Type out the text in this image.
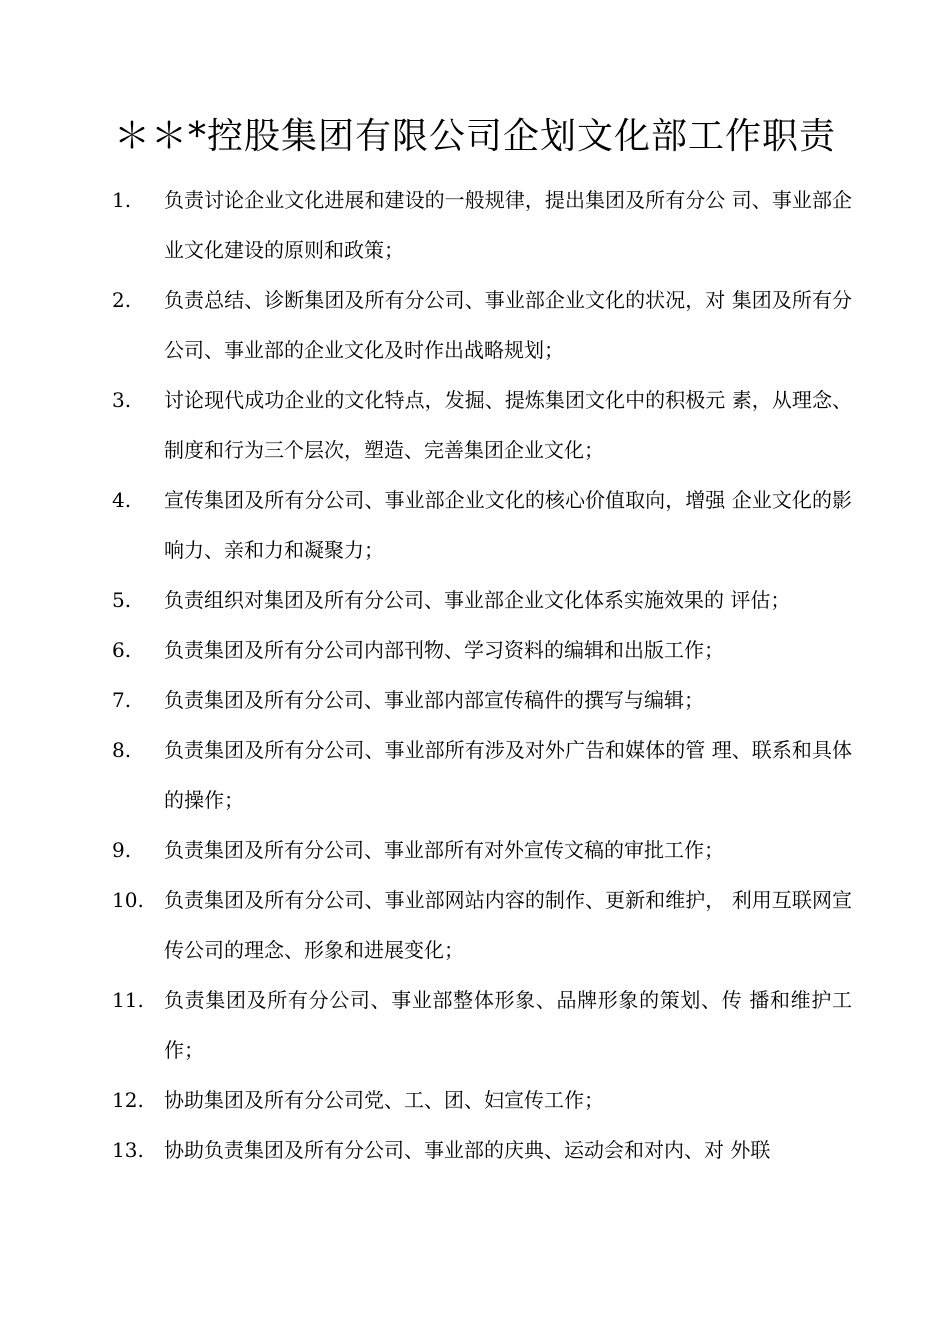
＊＊*控股集团有限公司企划文化部工作职责
1.	负责讨论企业文化进展和建设的一般规律，提出集团及所有分公 司、事业部企业文化建设的原则和政策；
2.	负责总结、诊断集团及所有分公司、事业部企业文化的状况，对 集团及所有分公司、事业部的企业文化及时作出战略规划；
3.	讨论现代成功企业的文化特点，发掘、提炼集团文化中的积极元 素，从理念、制度和行为三个层次，塑造、完善集团企业文化；
4.	宣传集团及所有分公司、事业部企业文化的核心价值取向，增强 企业文化的影响力、亲和力和凝聚力；
5.	负责组织对集团及所有分公司、事业部企业文化体系实施效果的 评估；
6.	负责集团及所有分公司内部刊物、学习资料的编辑和出版工作；
7.	负责集团及所有分公司、事业部内部宣传稿件的撰写与编辑；
8.	负责集团及所有分公司、事业部所有涉及对外广告和媒体的管 理、联系和具体的操作；
9.	负责集团及所有分公司、事业部所有对外宣传文稿的审批工作；
10.	负责集团及所有分公司、事业部网站内容的制作、更新和维护， 利用互联网宣传公司的理念、形象和进展变化；
11.	负责集团及所有分公司、事业部整体形象、品牌形象的策划、传 播和维护工作；
12.	协助集团及所有分公司党、工、团、妇宣传工作；
13.	协助负责集团及所有分公司、事业部的庆典、运动会和对内、对 外联
